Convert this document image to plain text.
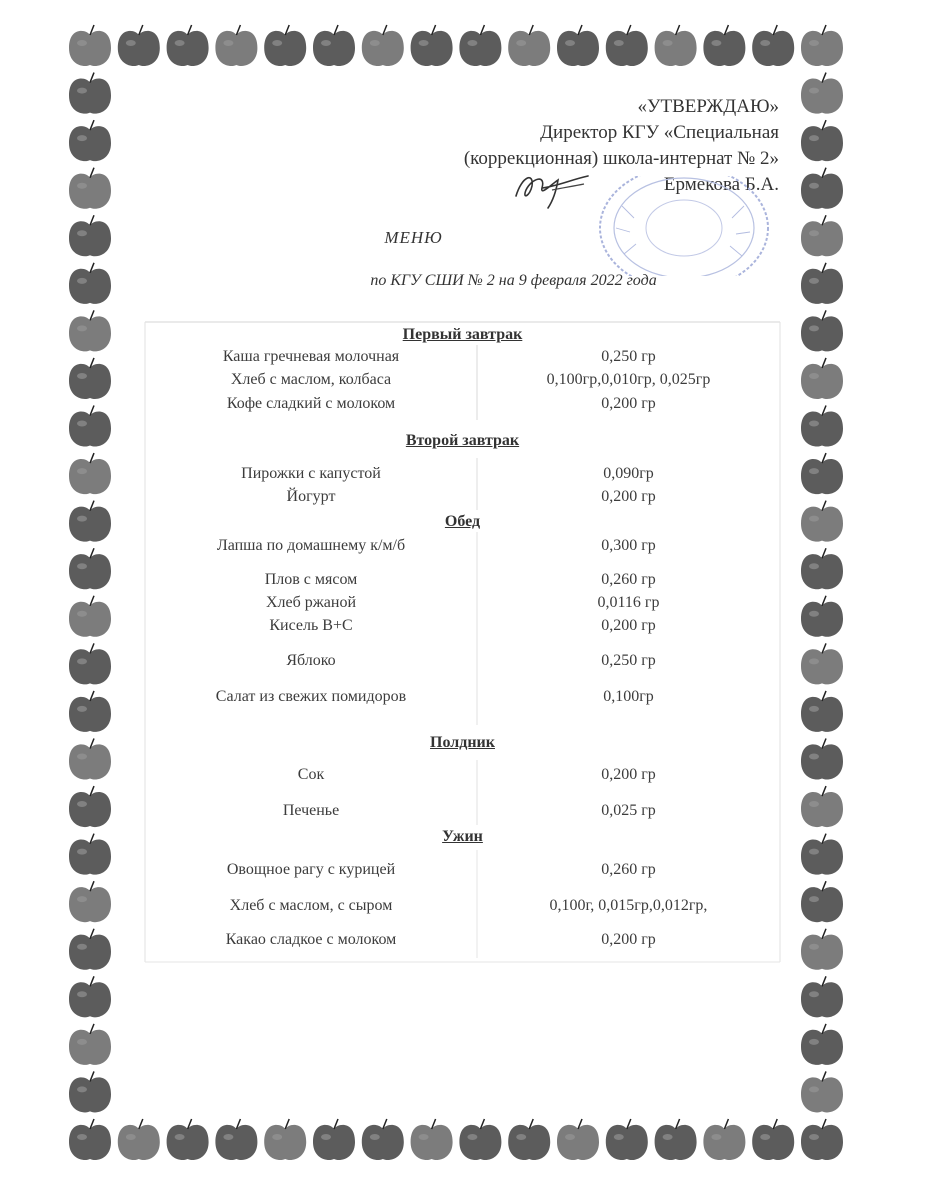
«УТВЕРЖДАЮ»
Директор КГУ «Специальная
(коррекционная) школа-интернат № 2»
Ермекова Б.А.
МЕНЮ
по КГУ СШИ № 2 на 9 февраля 2022 года
Первый завтрак
Каша гречневая молочная	0,250 гр
Хлеб с маслом, колбаса	0,100гр,0,010гр, 0,025гр
Кофе сладкий с молоком	0,200 гр
Второй завтрак
Пирожки с капустой	0,090гр
Йогурт	0,200 гр
Обед
Лапша по домашнему к/м/б	0,300 гр
Плов с мясом	0,260 гр
Хлеб ржаной	0,0116 гр
Кисель В+С	0,200 гр
Яблоко	0,250 гр
Салат из свежих помидоров	0,100гр
Полдник
Сок	0,200 гр
Печенье	0,025 гр
Ужин
Овощное рагу с курицей	0,260 гр
Хлеб с маслом, с сыром	0,100г, 0,015гр,0,012гр,
Какао сладкое с молоком	0,200 гр
